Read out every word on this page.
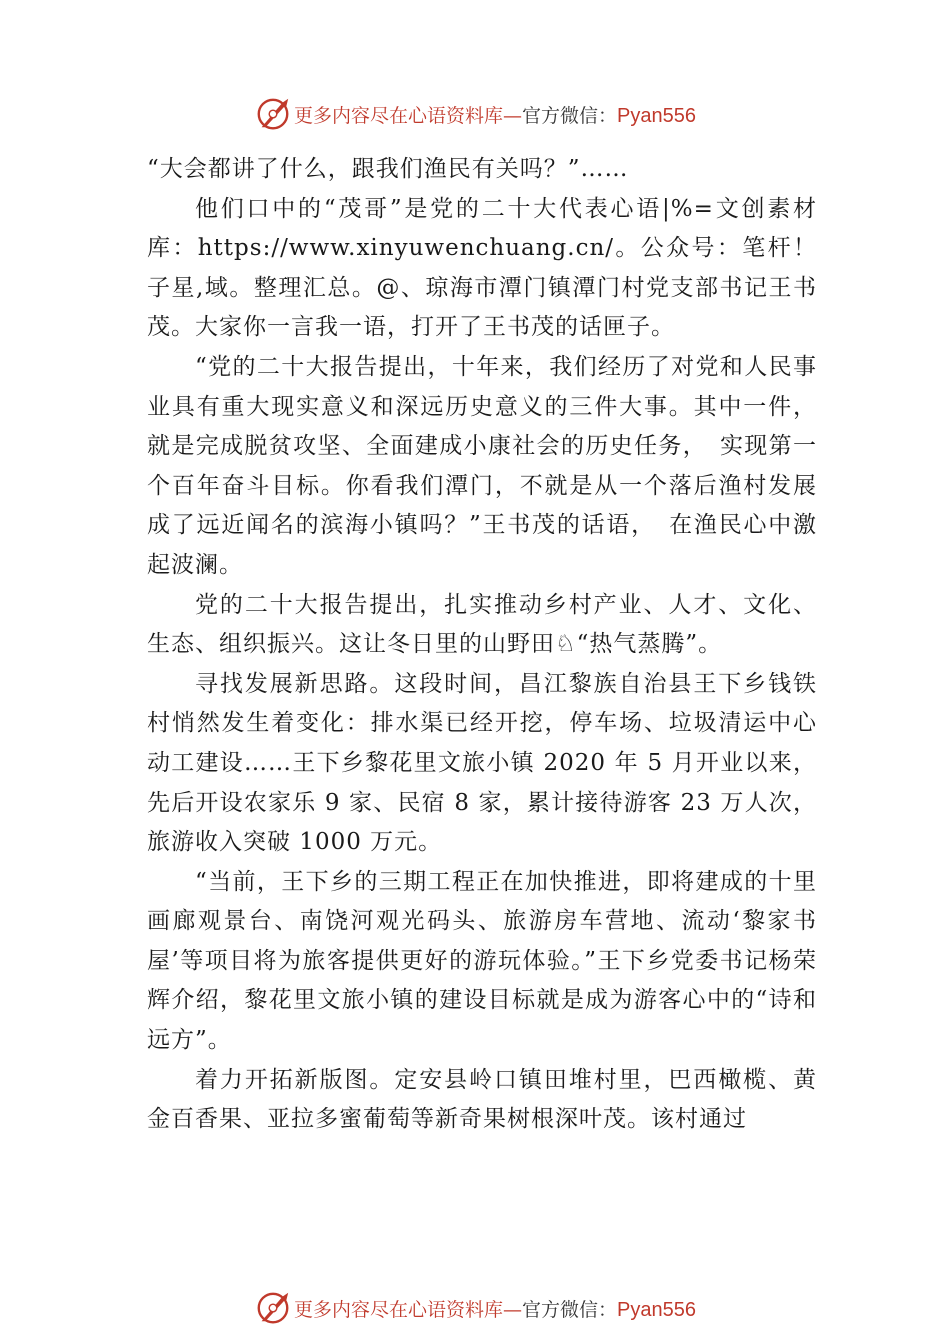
更多内容尽在心语资料库—官方微信：Pyan556

“大会都讲了什么，跟我们渔民有关吗？”……

他们口中的“茂哥”是党的二十大代表心语|%=文创素材库：https://www.xinyuwenchuang.cn/。公众号：笔杆！子星,域。整理汇总。@、琼海市潭门镇潭门村党支部书记王书茂。大家你一言我一语，打开了王书茂的话匣子。

“党的二十大报告提出，十年来，我们经历了对党和人民事业具有重大现实意义和深远历史意义的三件大事。其中一件，就是完成脱贫攻坚、全面建成小康社会的历史任务，　实现第一个百年奋斗目标。你看我们潭门，不就是从一个落后渔村发展成了远近闻名的滨海小镇吗？”王书茂的话语，　在渔民心中激起波澜。

党的二十大报告提出，扎实推动乡村产业、人才、文化、生态、组织振兴。这让冬日里的山野田♘“热气蒸腾”。

寻找发展新思路。这段时间，昌江黎族自治县王下乡钱铁村悄然发生着变化：排水渠已经开挖，停车场、垃圾清运中心动工建设……王下乡黎花里文旅小镇 2020 年 5 月开业以来，先后开设农家乐 9 家、民宿 8 家，累计接待游客 23 万人次，旅游收入突破 1000 万元。

“当前，王下乡的三期工程正在加快推进，即将建成的十里画廊观景台、南饶河观光码头、旅游房车营地、流动‘黎家书屋’等项目将为旅客提供更好的游玩体验。”王下乡党委书记杨荣辉介绍，黎花里文旅小镇的建设目标就是成为游客心中的“诗和远方”。

着力开拓新版图。定安县岭口镇田堆村里，巴西橄榄、黄金百香果、亚拉多蜜葡萄等新奇果树根深叶茂。该村通过

更多内容尽在心语资料库—官方微信：Pyan556
